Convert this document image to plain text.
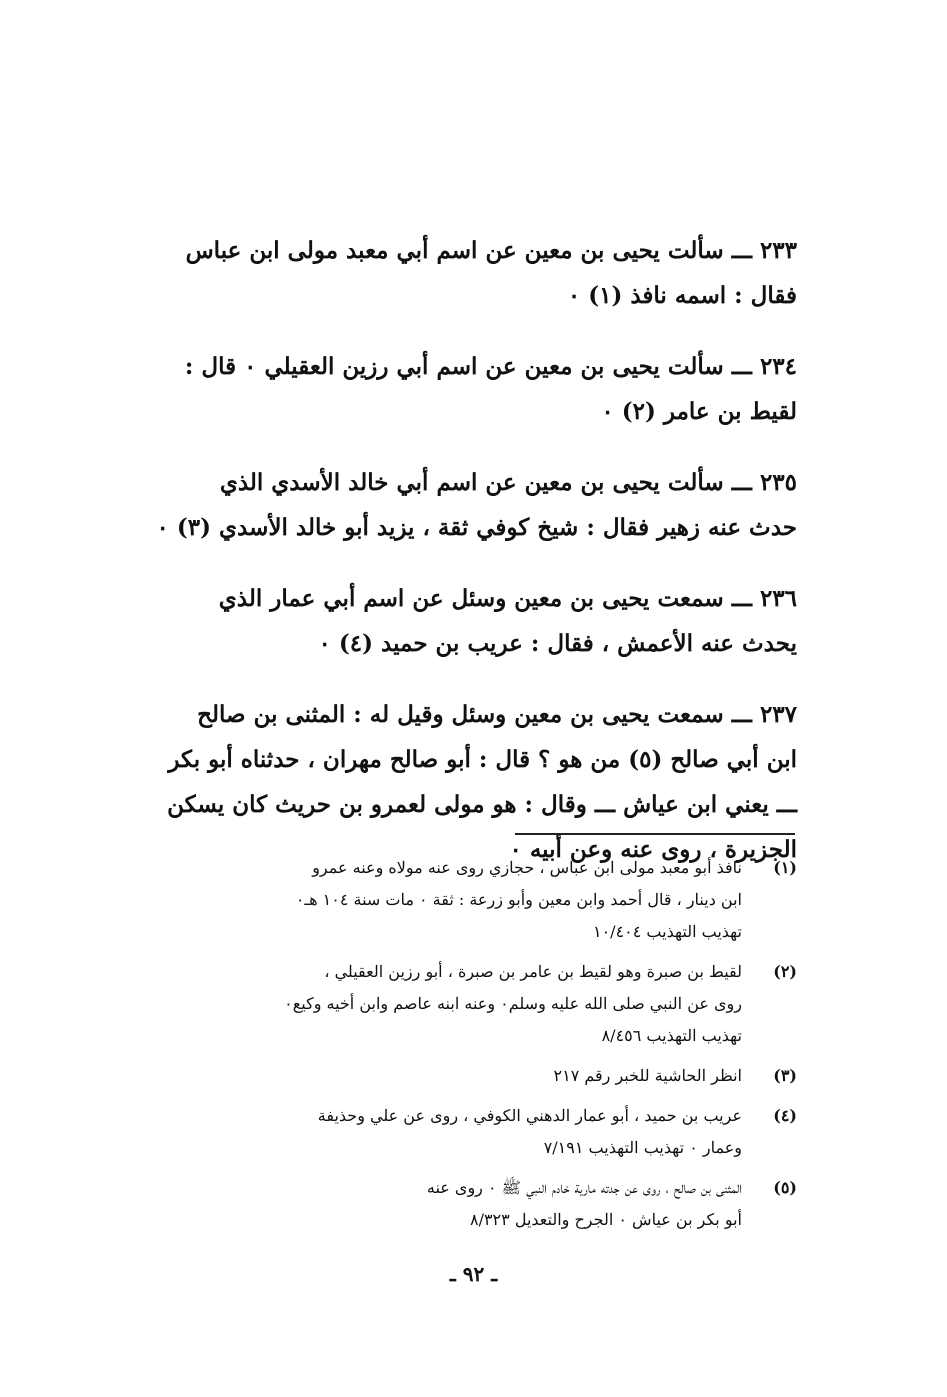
٢٣٣ ـــ سألت يحيى بن معين عن اسم أبي معبد مولى ابن عباس
فقال : اسمه نافذ (١) ٠

٢٣٤ ـــ سألت يحيى بن معين عن اسم أبي رزين العقيلي ٠ قال :
لقيط بن عامر (٢) ٠

٢٣٥ ـــ سألت يحيى بن معين عن اسم أبي خالد الأسدي الذي
حدث عنه زهير فقال : شيخ كوفي ثقة ، يزيد أبو خالد الأسدي (٣) ٠

٢٣٦ ـــ سمعت يحيى بن معين وسئل عن اسم أبي عمار الذي
يحدث عنه الأعمش ، فقال : عريب بن حميد (٤) ٠

٢٣٧ ـــ سمعت يحيى بن معين وسئل وقيل له : المثنى بن صالح
ابن أبي صالح (٥) من هو ؟ قال : أبو صالح مهران ، حدثناه أبو بكر
ـــ يعني ابن عياش ـــ وقال : هو مولى لعمرو بن حريث كان يسكن
الجزيرة ، روى عنه وعن أبيه ٠

(١)
نافذ أبو معبد مولى ابن عباس ، حجازي روى عنه مولاه وعنه عمرو
ابن دينار ، قال أحمد وابن معين وأبو زرعة : ثقة ٠ مات سنة ١٠٤ هـ٠
تهذيب التهذيب ١٠/٤٠٤
(٢)
لقيط بن صبرة وهو لقيط بن عامر بن صبرة ، أبو رزين العقيلي ،
روى عن النبي صلى الله عليه وسلم٠ وعنه ابنه عاصم وابن أخيه وكيع٠
تهذيب التهذيب ٨/٤٥٦
(٣)
انظر الحاشية للخبر رقم ٢١٧
(٤)
عريب بن حميد ، أبو عمار الدهني الكوفي ، روى عن علي وحذيفة
وعمار ٠ تهذيب التهذيب ٧/١٩١
(٥)
المثنى بن صالح ، روى عن جدته مارية خادم النبي ﷺ ٠ روى عنه
أبو بكر بن عياش ٠ الجرح والتعديل ٨/٣٢٣
ـ ٩٢ ـ
